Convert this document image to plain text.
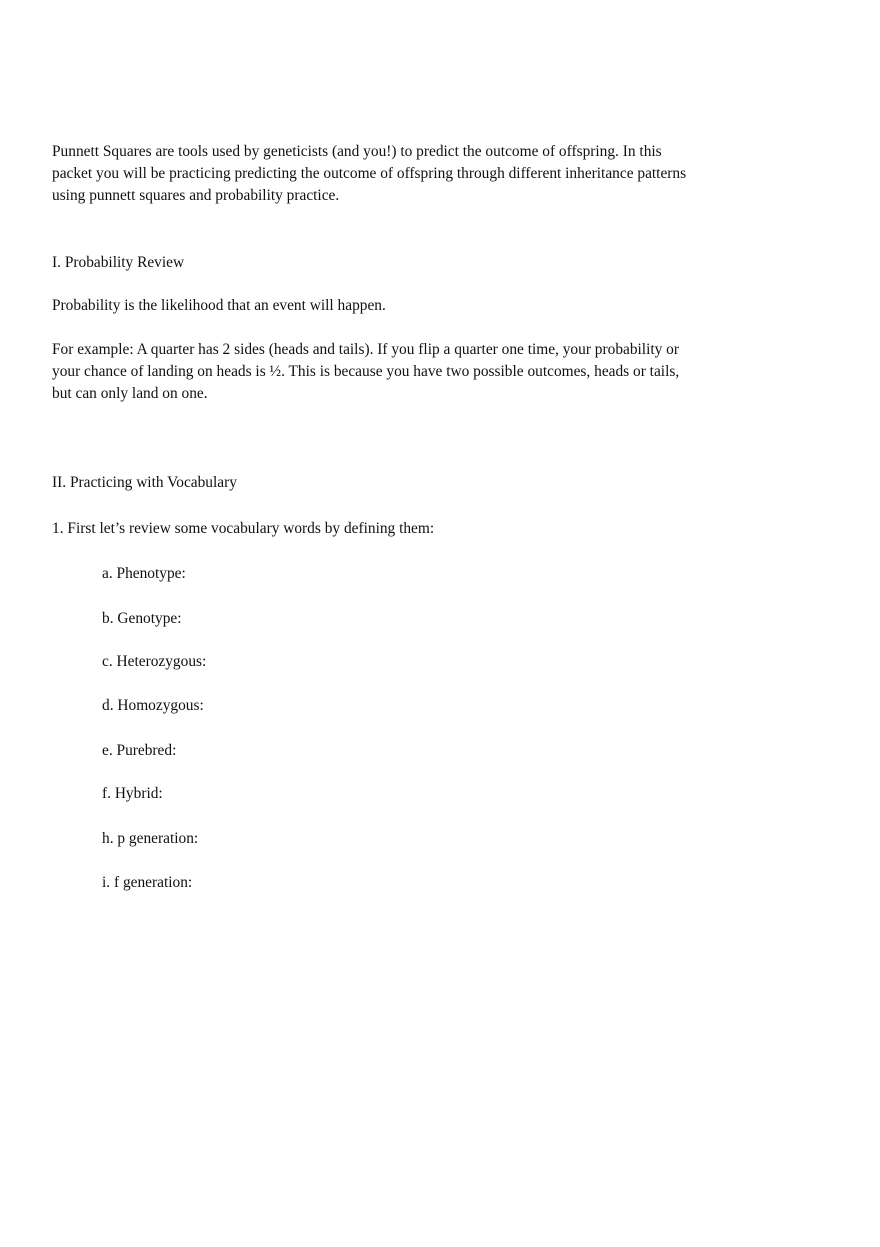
Punnett Squares are tools used by geneticists (and you!) to predict the outcome of offspring. In this
packet you will be practicing predicting the outcome of offspring through different inheritance patterns
using punnett squares and probability practice.

I. Probability Review

Probability is the likelihood that an event will happen.

For example: A quarter has 2 sides (heads and tails). If you flip a quarter one time, your probability or
your chance of landing on heads is ½. This is because you have two possible outcomes, heads or tails,
but can only land on one.

II. Practicing with Vocabulary

1. First let’s review some vocabulary words by defining them:

a. Phenotype:

b. Genotype:

c. Heterozygous:

d. Homozygous:

e. Purebred:

f. Hybrid:

h. p generation:

i. f generation:
